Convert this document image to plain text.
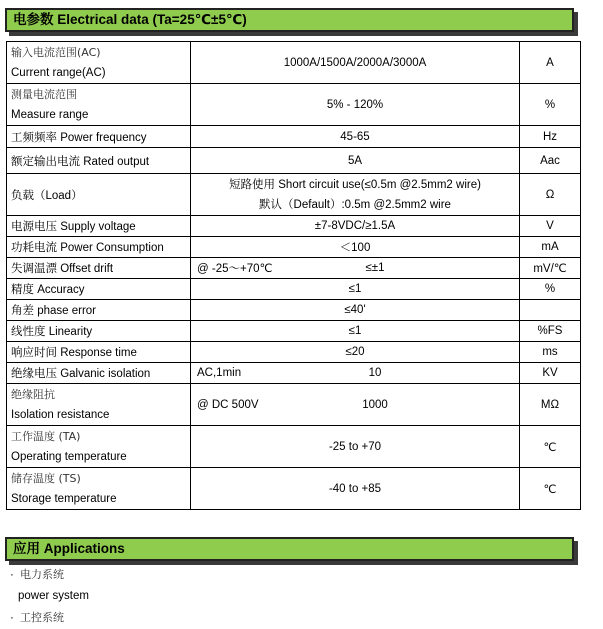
电参数 Electrical data (Ta=25℃±5℃)
输入电流范围(AC)
Current range(AC)	1000A/1500A/2000A/3000A	A

测量电流范围
Measure range	5% - 120%	%
工频频率 Power frequency	45-65	Hz
额定输出电流 Rated output	5A	Aac
负载（Load）	短路使用 Short circuit use(≤0.5m @2.5mm2 wire)
默认（Default）:0.5m @2.5mm2 wire	Ω
电源电压 Supply voltage	±7-8VDC/≥1.5A	V
功耗电流 Power Consumption	＜100	mA
失调温漂 Offset drift	@ -25～+70℃ ≤±1	mV/℃
精度 Accuracy	≤1	%
角差 phase error	≤40'	
线性度 Linearity	≤1	%FS
响应时间 Response time	≤20	ms
绝缘电压 Galvanic isolation	AC,1min 10	KV

绝缘阻抗
Isolation resistance	@ DC 500V 1000	MΩ

工作温度 (TA)
Operating temperature	-25 to +70	℃

储存温度 (TS)
Storage temperature	-40 to +85	℃
应用 Applications
· 电力系统
power system
· 工控系统
